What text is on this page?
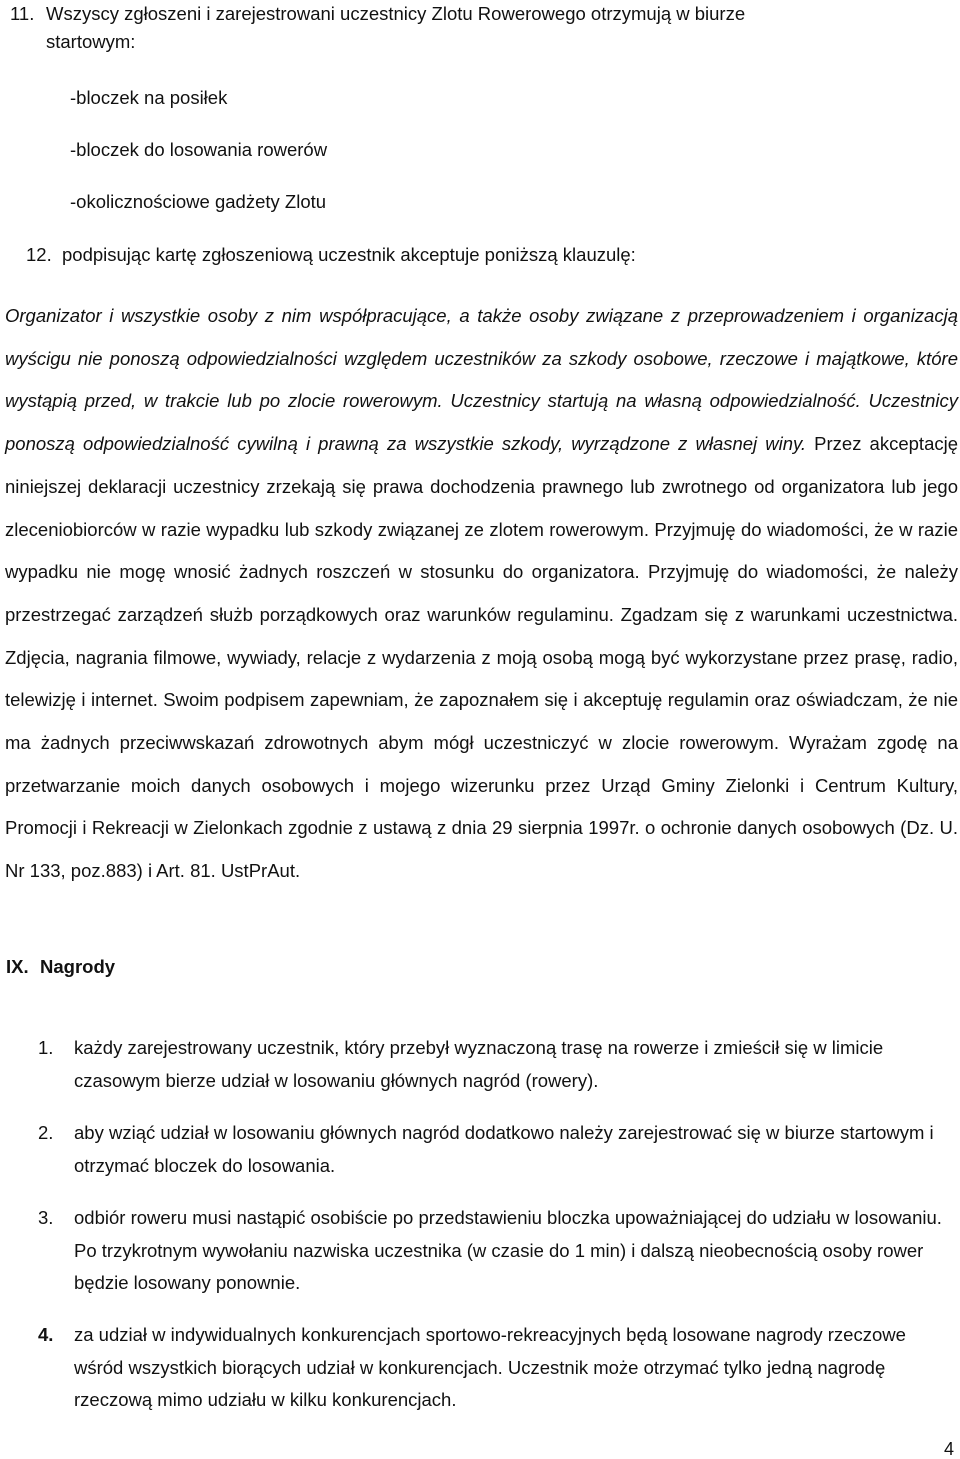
11. Wszyscy zgłoszeni i zarejestrowani uczestnicy Zlotu Rowerowego otrzymują w biurze
startowym:
-bloczek na posiłek
-bloczek do losowania rowerów
-okolicznościowe gadżety Zlotu
12. podpisując kartę zgłoszeniową uczestnik akceptuje poniższą klauzulę:
Organizator i wszystkie osoby z nim współpracujące, a także osoby związane z przeprowadzeniem i organizacją wyścigu nie ponoszą odpowiedzialności względem uczestników za szkody osobowe, rzeczowe i majątkowe, które wystąpią przed, w trakcie lub po zlocie rowerowym. Uczestnicy startują na własną odpowiedzialność. Uczestnicy ponoszą odpowiedzialność cywilną i prawną za wszystkie szkody, wyrządzone z własnej winy. Przez akceptację niniejszej deklaracji uczestnicy zrzekają się prawa dochodzenia prawnego lub zwrotnego od organizatora lub jego zleceniobiorców w razie wypadku lub szkody związanej ze zlotem rowerowym. Przyjmuję do wiadomości, że w razie wypadku nie mogę wnosić żadnych roszczeń w stosunku do organizatora. Przyjmuję do wiadomości, że należy przestrzegać zarządzeń służb porządkowych oraz warunków regulaminu. Zgadzam się z warunkami uczestnictwa. Zdjęcia, nagrania filmowe, wywiady, relacje z wydarzenia z moją osobą mogą być wykorzystane przez prasę, radio, telewizję i internet. Swoim podpisem zapewniam, że zapoznałem się i akceptuję regulamin oraz oświadczam, że nie ma żadnych przeciwwskazań zdrowotnych abym mógł uczestniczyć w zlocie rowerowym. Wyrażam zgodę na przetwarzanie moich danych osobowych i mojego wizerunku przez Urząd Gminy Zielonki i Centrum Kultury, Promocji i Rekreacji w Zielonkach zgodnie z ustawą z dnia 29 sierpnia 1997r. o ochronie danych osobowych (Dz. U. Nr 133, poz.883) i Art. 81. UstPrAut.
IX. Nagrody
1.	każdy zarejestrowany uczestnik, który przebył wyznaczoną trasę na rowerze i zmieścił się w limicie czasowym bierze udział w losowaniu głównych nagród (rowery).
2.	aby wziąć udział w losowaniu głównych nagród dodatkowo należy zarejestrować się w biurze startowym i otrzymać bloczek do losowania.
3.	odbiór roweru musi nastąpić osobiście po przedstawieniu bloczka upoważniającej do udziału w losowaniu. Po trzykrotnym wywołaniu nazwiska uczestnika (w czasie do 1 min) i dalszą nieobecnością osoby rower będzie losowany ponownie.
4.	za udział w indywidualnych konkurencjach sportowo-rekreacyjnych będą losowane nagrody rzeczowe wśród wszystkich biorących udział w konkurencjach. Uczestnik może otrzymać tylko jedną nagrodę rzeczową mimo udziału w kilku konkurencjach.
4
